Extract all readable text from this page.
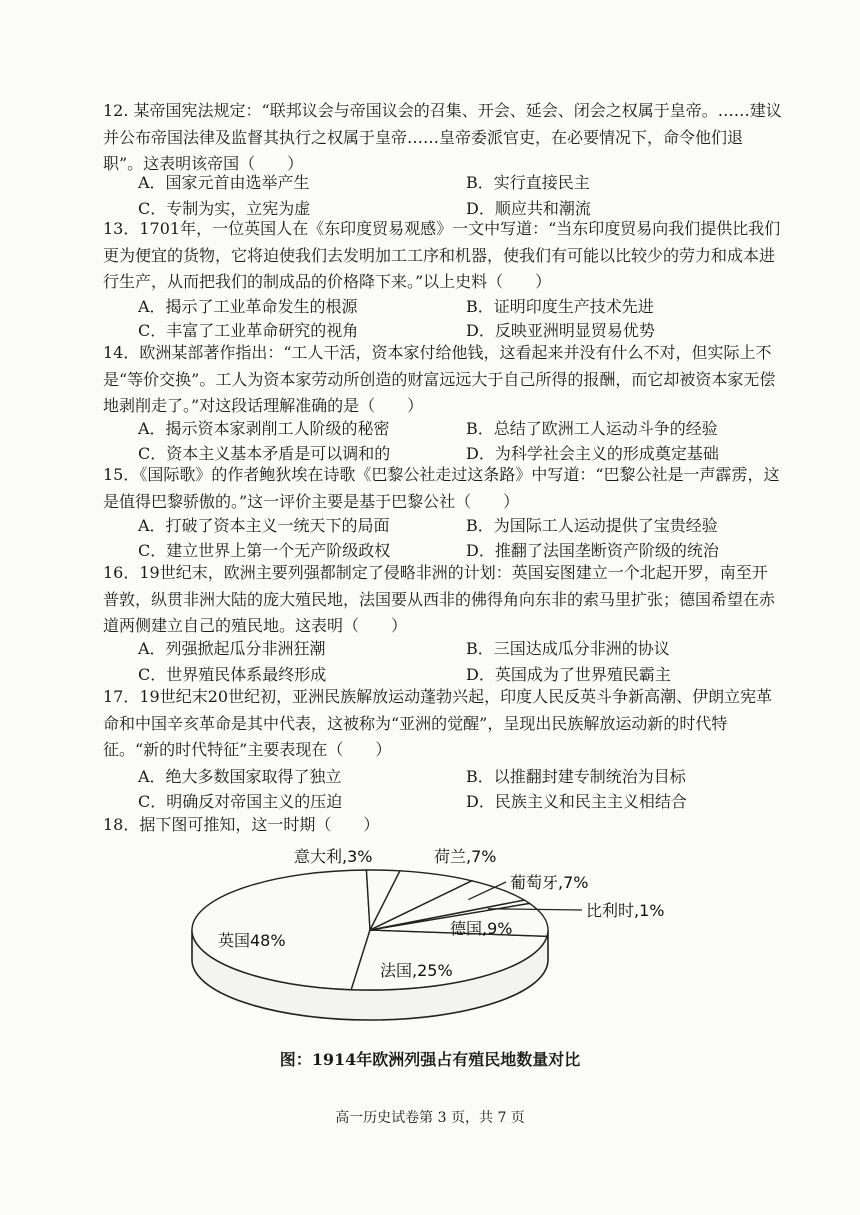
12. 某帝国宪法规定：“联邦议会与帝国议会的召集、开会、延会、闭会之权属于皇帝。……建议并公布帝国法律及监督其执行之权属于皇帝……皇帝委派官吏，在必要情况下，命令他们退职”。这表明该帝国（　　）

A．国家元首由选举产生	B．实行直接民主
C．专制为实，立宪为虚	D．顺应共和潮流

13．1701年，一位英国人在《东印度贸易观感》一文中写道：“当东印度贸易向我们提供比我们更为便宜的货物，它将迫使我们去发明加工工序和机器，使我们有可能以比较少的劳力和成本进行生产，从而把我们的制成品的价格降下来。”以上史料（　　）

A．揭示了工业革命发生的根源	B．证明印度生产技术先进
C．丰富了工业革命研究的视角	D．反映亚洲明显贸易优势

14．欧洲某部著作指出：“工人干活，资本家付给他钱，这看起来并没有什么不对，但实际上不是“等价交换”。工人为资本家劳动所创造的财富远远大于自己所得的报酬，而它却被资本家无偿地剥削走了。”对这段话理解准确的是（　　）

A．揭示资本家剥削工人阶级的秘密	B．总结了欧洲工人运动斗争的经验
C．资本主义基本矛盾是可以调和的	D．为科学社会主义的形成奠定基础

15．《国际歌》的作者鲍狄埃在诗歌《巴黎公社走过这条路》中写道：“巴黎公社是一声霹雳，这是值得巴黎骄傲的。”这一评价主要是基于巴黎公社（　　）

A．打破了资本主义一统天下的局面	B．为国际工人运动提供了宝贵经验
C．建立世界上第一个无产阶级政权	D．推翻了法国垄断资产阶级的统治

16．19世纪末，欧洲主要列强都制定了侵略非洲的计划：英国妄图建立一个北起开罗，南至开普敦，纵贯非洲大陆的庞大殖民地，法国要从西非的佛得角向东非的索马里扩张；德国希望在赤道两侧建立自己的殖民地。这表明（　　）

A．列强掀起瓜分非洲狂潮	B．三国达成瓜分非洲的协议
C．世界殖民体系最终形成	D．英国成为了世界殖民霸主

17．19世纪末20世纪初，亚洲民族解放运动蓬勃兴起，印度人民反英斗争新高潮、伊朗立宪革命和中国辛亥革命是其中代表，这被称为“亚洲的觉醒”，呈现出民族解放运动新的时代特征。“新的时代特征”主要表现在（　　）

A．绝大多数国家取得了独立	B．以推翻封建专制统治为目标
C．明确反对帝国主义的压迫	D．民族主义和民主主义相结合

18．据下图可推知，这一时期（　　）

英国48%
法国,25%
德国,9%
比利时,1%
葡萄牙,7%
荷兰,7%
意大利,3%

图：1914年欧洲列强占有殖民地数量对比

高一历史试卷第 3 页，共 7 页
